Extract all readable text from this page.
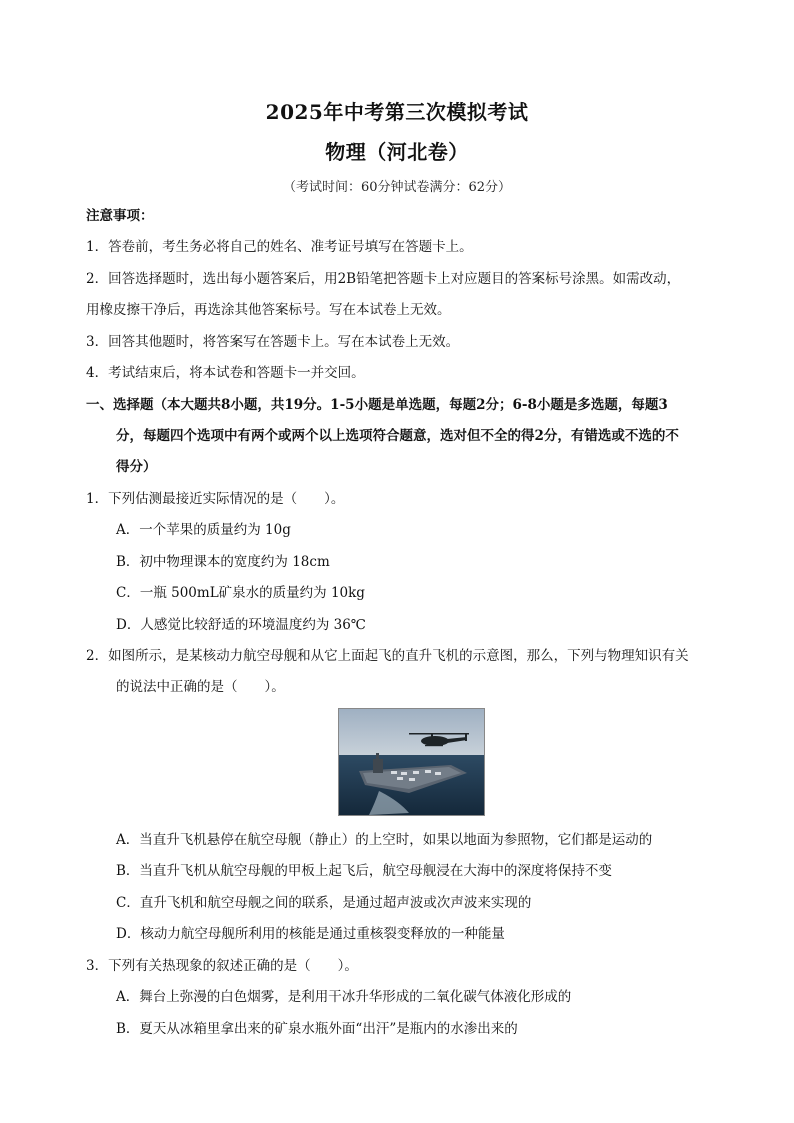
2025年中考第三次模拟考试
物理（河北卷）
（考试时间：60分钟试卷满分：62分）
注意事项：
1．答卷前，考生务必将自己的姓名、准考证号填写在答题卡上。
2．回答选择题时，选出每小题答案后，用2B铅笔把答题卡上对应题目的答案标号涂黑。如需改动，
用橡皮擦干净后，再选涂其他答案标号。写在本试卷上无效。
3．回答其他题时，将答案写在答题卡上。写在本试卷上无效。
4．考试结束后，将本试卷和答题卡一并交回。
一、选择题（本大题共8小题，共19分。1-5小题是单选题，每题2分；6-8小题是多选题，每题3
分，每题四个选项中有两个或两个以上选项符合题意，选对但不全的得2分，有错选或不选的不
得分）
1．下列估测最接近实际情况的是（　　）。
A．一个苹果的质量约为 10g
B．初中物理课本的宽度约为 18cm
C．一瓶 500mL矿泉水的质量约为 10kg
D．人感觉比较舒适的环境温度约为 36℃
2．如图所示，是某核动力航空母舰和从它上面起飞的直升飞机的示意图，那么，下列与物理知识有关
的说法中正确的是（　　）。
A．当直升飞机悬停在航空母舰（静止）的上空时，如果以地面为参照物，它们都是运动的
B．当直升飞机从航空母舰的甲板上起飞后，航空母舰浸在大海中的深度将保持不变
C．直升飞机和航空母舰之间的联系，是通过超声波或次声波来实现的
D．核动力航空母舰所利用的核能是通过重核裂变释放的一种能量
3．下列有关热现象的叙述正确的是（　　）。
A．舞台上弥漫的白色烟雾，是利用干冰升华形成的二氧化碳气体液化形成的
B．夏天从冰箱里拿出来的矿泉水瓶外面“出汗”是瓶内的水渗出来的
